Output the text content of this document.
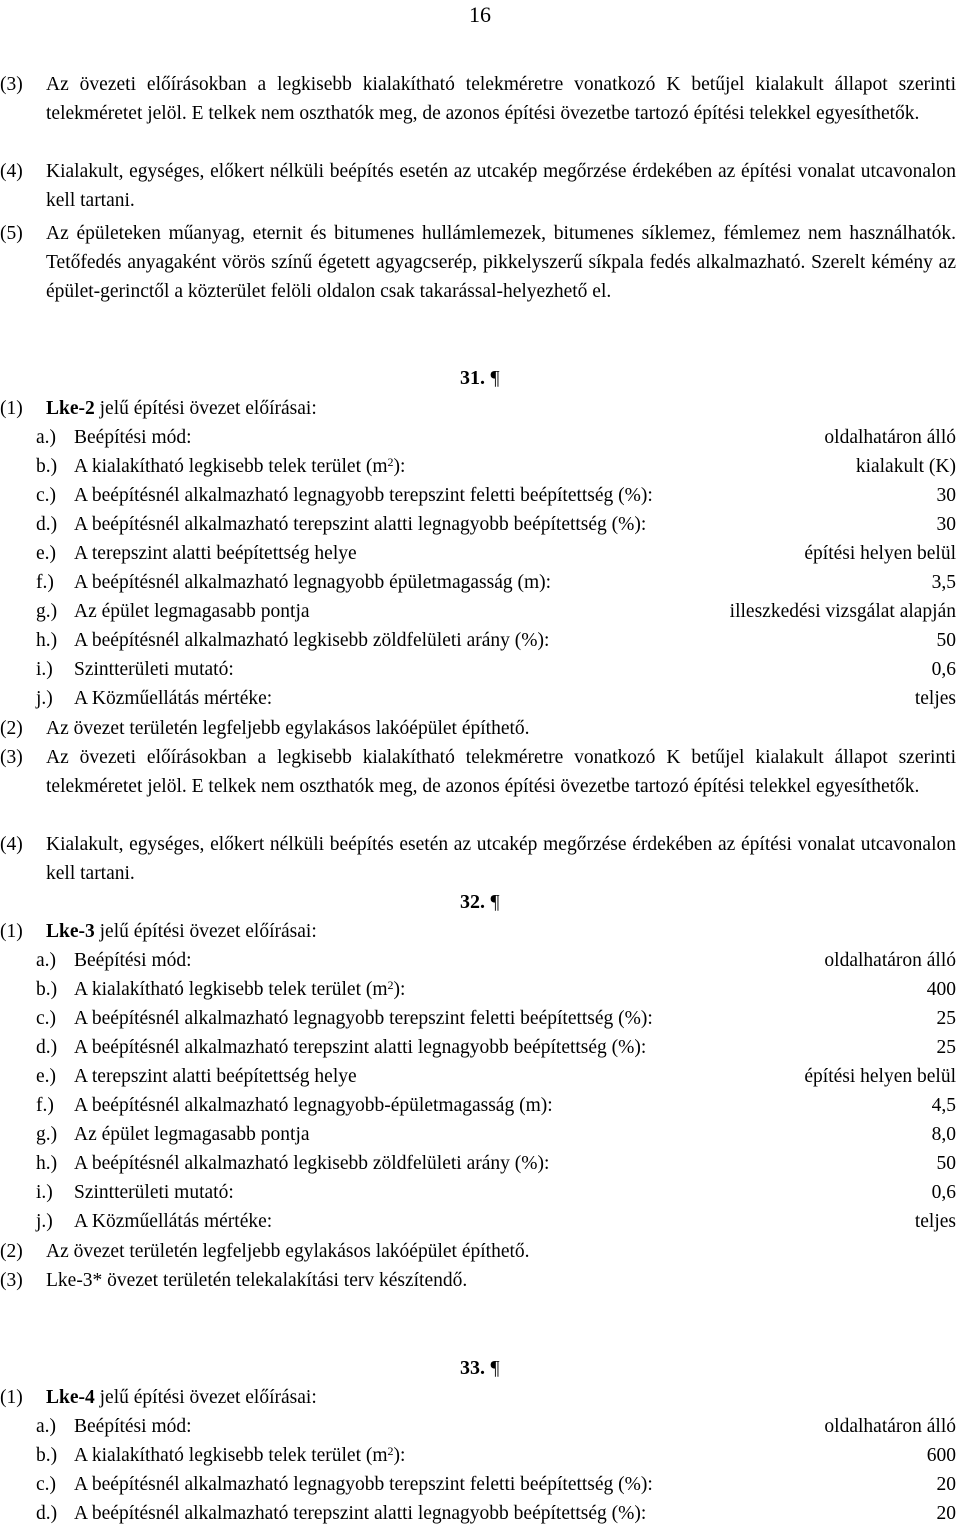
16
(3) Az övezeti előírásokban a legkisebb kialakítható telekméretre vonatkozó K betűjel kialakult állapot szerinti telekméretet jelöl. E telkek nem oszthatók meg, de azonos építési övezetbe tartozó építési telekkel egyesíthetők.
(4) Kialakult, egységes, előkert nélküli beépítés esetén az utcakép megőrzése érdekében az építési vonalat utcavonalon kell tartani.
(5) Az épületeken műanyag, eternit és bitumenes hullámlemezek, bitumenes síklemez, fémlemez nem használhatók. Tetőfedés anyagaként vörös színű égetett agyagcserép, pikkelyszerű síkpala fedés alkalmazható. Szerelt kémény az épület-gerinctől a közterület felöli oldalon csak takarással-helyezhető el.
31. ¶
(1) Lke-2 jelű építési övezet előírásai:
a.) Beépítési mód:	oldalhatáron álló
b.) A kialakítható legkisebb telek terület $(m^2)$:	kialakult (K)
c.) A beépítésnél alkalmazható legnagyobb terepszint feletti beépítettség (%):	30
d.) A beépítésnél alkalmazható terepszint alatti legnagyobb beépítettség (%):	30
e.) A terepszint alatti beépítettség helye	építési helyen belül
f.) A beépítésnél alkalmazható legnagyobb épületmagasság (m):	3,5
g.) Az épület legmagasabb pontja	illeszkedési vizsgálat alapján
h.) A beépítésnél alkalmazható legkisebb zöldfelületi arány (%):	50
i.) Szintterületi mutató:	0,6
j.) A Közműellátás mértéke:	teljes
(2) Az övezet területén legfeljebb egylakásos lakóépület építhető.
(3) Az övezeti előírásokban a legkisebb kialakítható telekméretre vonatkozó K betűjel kialakult állapot szerinti telekméretet jelöl. E telkek nem oszthatók meg, de azonos építési övezetbe tartozó építési telekkel egyesíthetők.
(4) Kialakult, egységes, előkert nélküli beépítés esetén az utcakép megőrzése érdekében az építési vonalat utcavonalon kell tartani.
32. ¶
(1) Lke-3 jelű építési övezet előírásai:
a.) Beépítési mód:	oldalhatáron álló
b.) A kialakítható legkisebb telek terület $(m^2)$:	400
c.) A beépítésnél alkalmazható legnagyobb terepszint feletti beépítettség (%):	25
d.) A beépítésnél alkalmazható terepszint alatti legnagyobb beépítettség (%):	25
e.) A terepszint alatti beépítettség helye	építési helyen belül
f.) A beépítésnél alkalmazható legnagyobb-épületmagasság (m):	4,5
g.) Az épület legmagasabb pontja	8,0
h.) A beépítésnél alkalmazható legkisebb zöldfelületi arány (%):	50
i.) Szintterületi mutató:	0,6
j.) A Közműellátás mértéke:	teljes
(2) Az övezet területén legfeljebb egylakásos lakóépület építhető.
(3) Lke-3* övezet területén telekalakítási terv készítendő.
33. ¶
(1) Lke-4 jelű építési övezet előírásai:
a.) Beépítési mód:	oldalhatáron álló
b.) A kialakítható legkisebb telek terület $(m^2)$:	600
c.) A beépítésnél alkalmazható legnagyobb terepszint feletti beépítettség (%):	20
d.) A beépítésnél alkalmazható terepszint alatti legnagyobb beépítettség (%):	20
